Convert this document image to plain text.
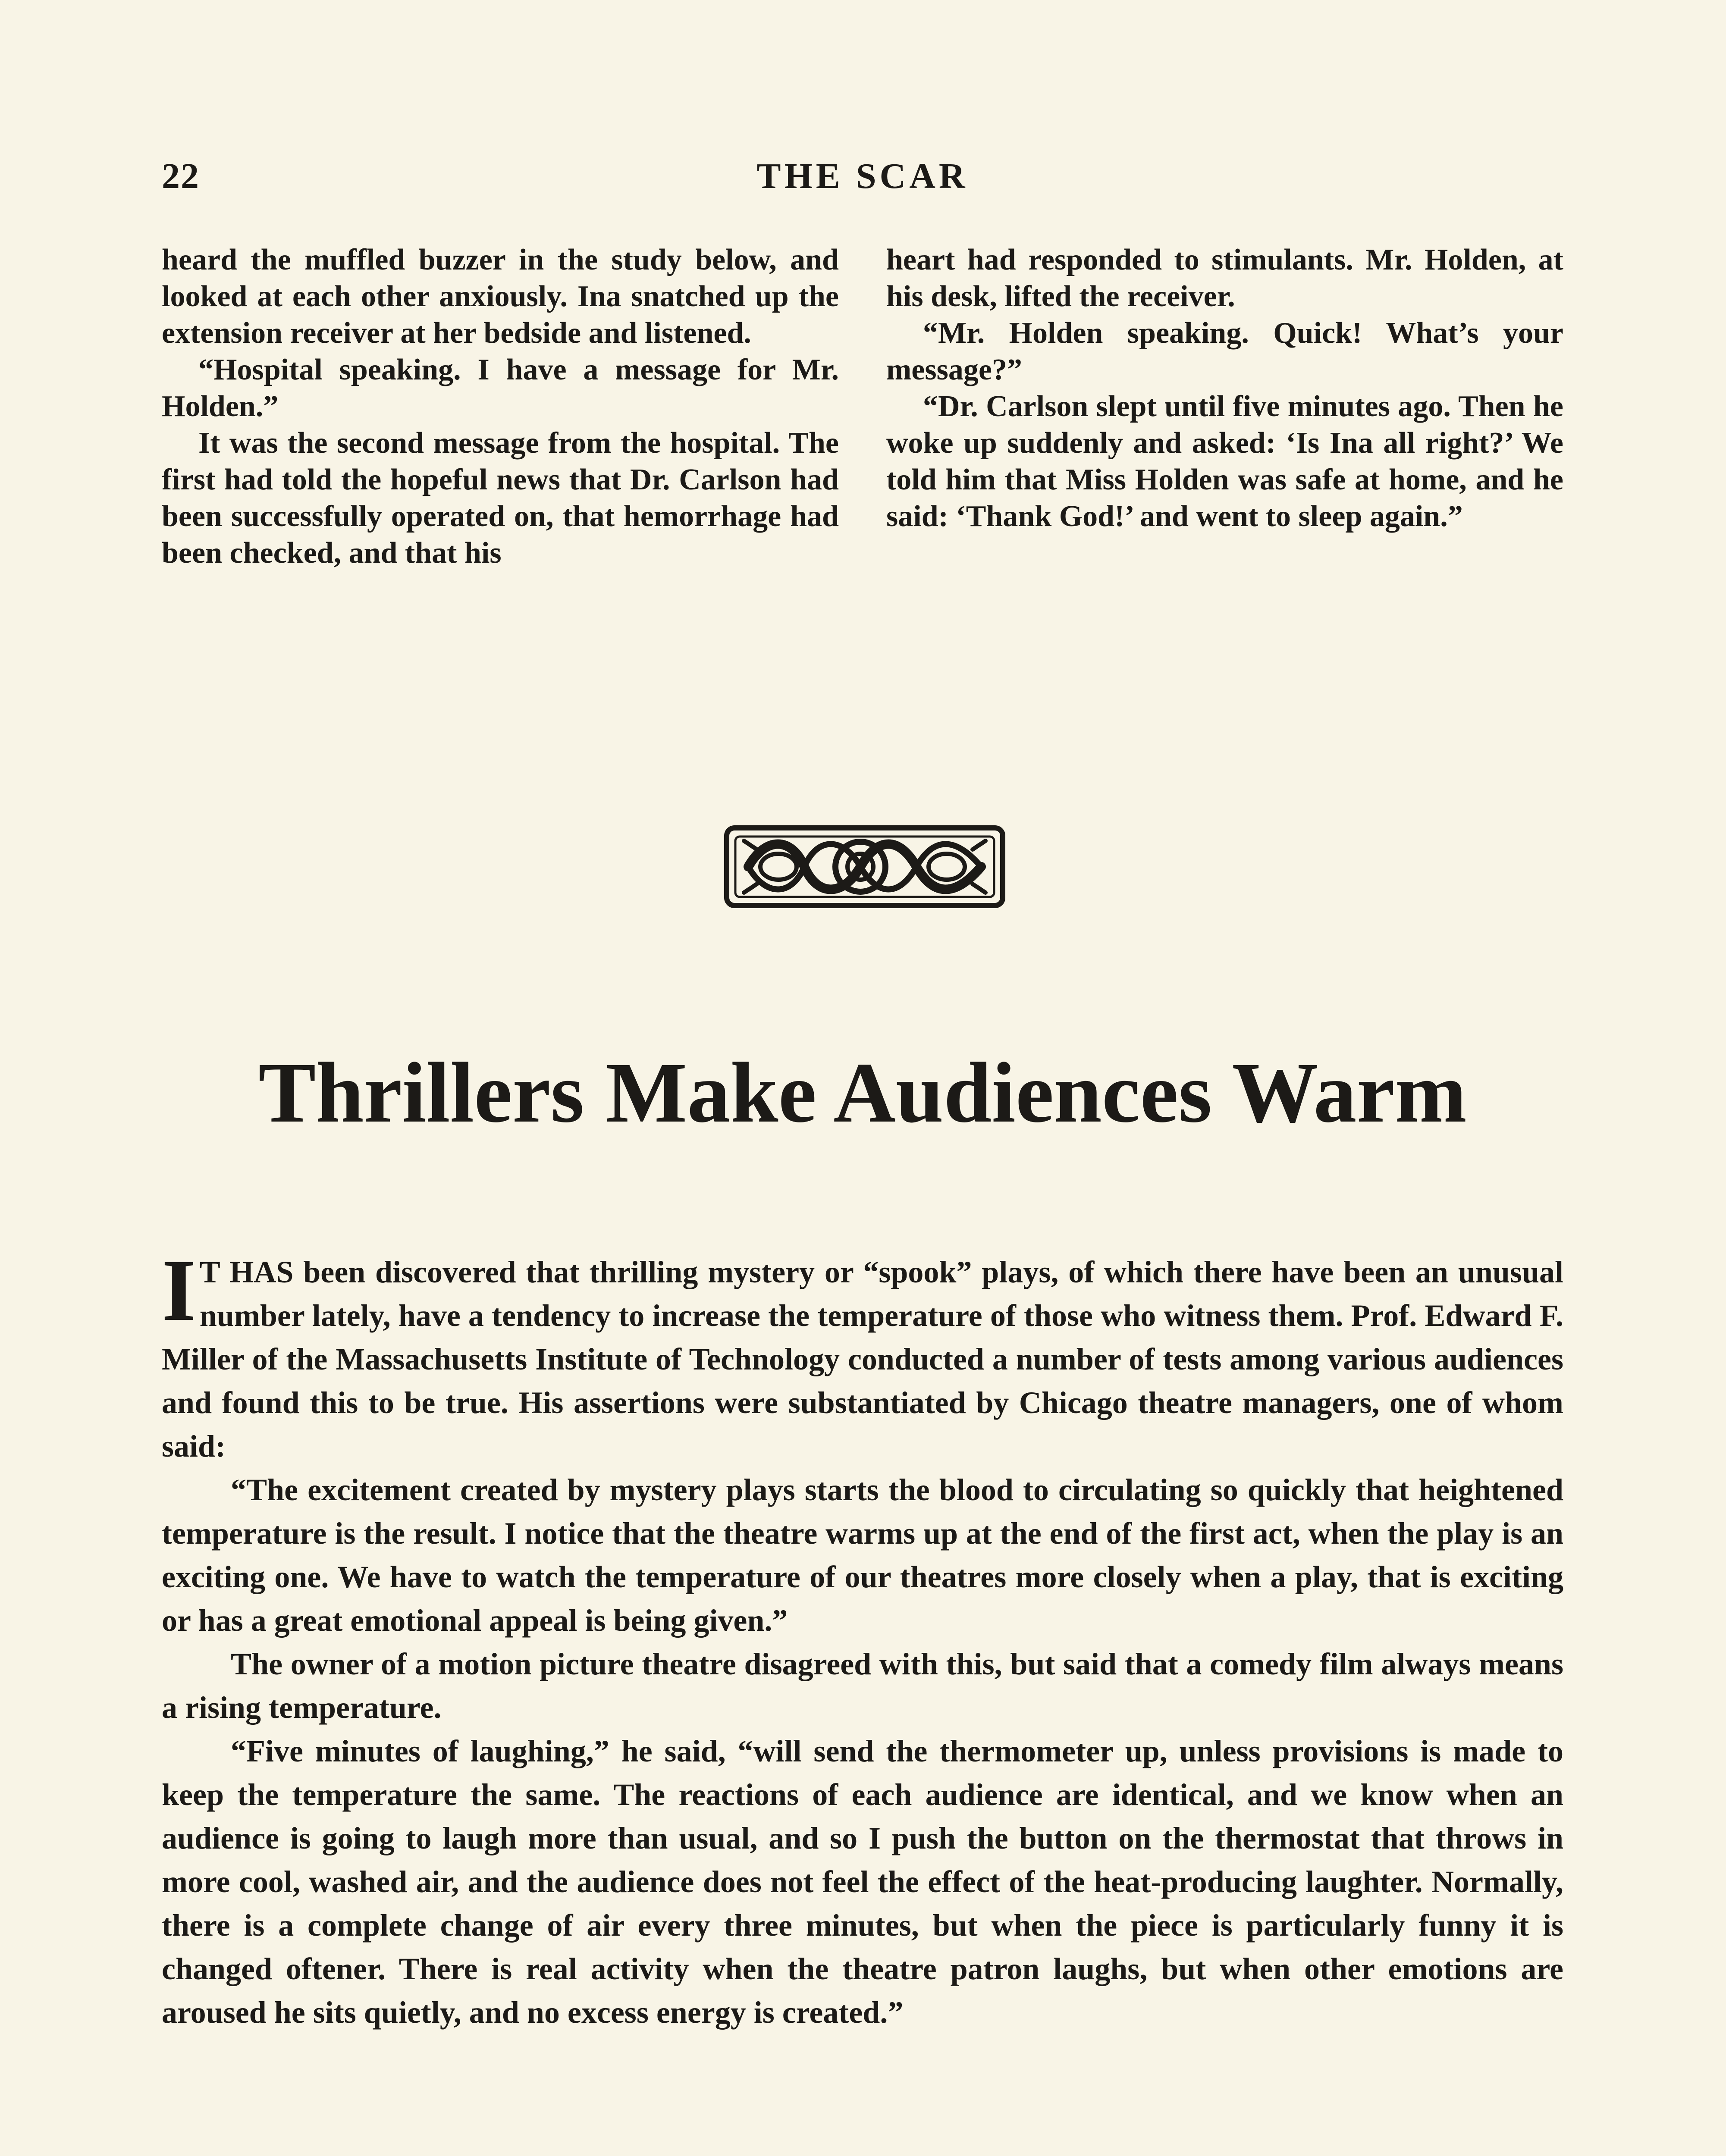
22	THE SCAR

heard the muffled buzzer in the study below, and looked at each other anxiously. Ina snatched up the extension receiver at her bedside and listened.

“Hospital speaking. I have a message for Mr. Holden.”

It was the second message from the hospital. The first had told the hopeful news that Dr. Carlson had been successfully operated on, that hemorrhage had been checked, and that his

heart had responded to stimulants. Mr. Holden, at his desk, lifted the receiver.

“Mr. Holden speaking. Quick! What’s your message?”

“Dr. Carlson slept until five minutes ago. Then he woke up suddenly and asked: ‘Is Ina all right?’ We told him that Miss Holden was safe at home, and he said: ‘Thank God!’ and went to sleep again.”

Thrillers Make Audiences Warm

I T HAS been discovered that thrilling mystery or “spook” plays, of which there have been an unusual number lately, have a tendency to increase the temperature of those who witness them. Prof. Edward F. Miller of the Massachusetts Institute of Technology conducted a number of tests among various audiences and found this to be true. His assertions were substantiated by Chicago theatre managers, one of whom said:

“The excitement created by mystery plays starts the blood to circulating so quickly that heightened temperature is the result. I notice that the theatre warms up at the end of the first act, when the play is an exciting one. We have to watch the temperature of our theatres more closely when a play, that is exciting or has a great emotional appeal is being given.”

The owner of a motion picture theatre disagreed with this, but said that a comedy film always means a rising temperature.

“Five minutes of laughing,” he said, “will send the thermometer up, unless provisions is made to keep the temperature the same. The reactions of each audience are identical, and we know when an audience is going to laugh more than usual, and so I push the button on the thermostat that throws in more cool, washed air, and the audience does not feel the effect of the heat-producing laughter. Normally, there is a complete change of air every three minutes, but when the piece is particularly funny it is changed oftener. There is real activity when the theatre patron laughs, but when other emotions are aroused he sits quietly, and no excess energy is created.”
